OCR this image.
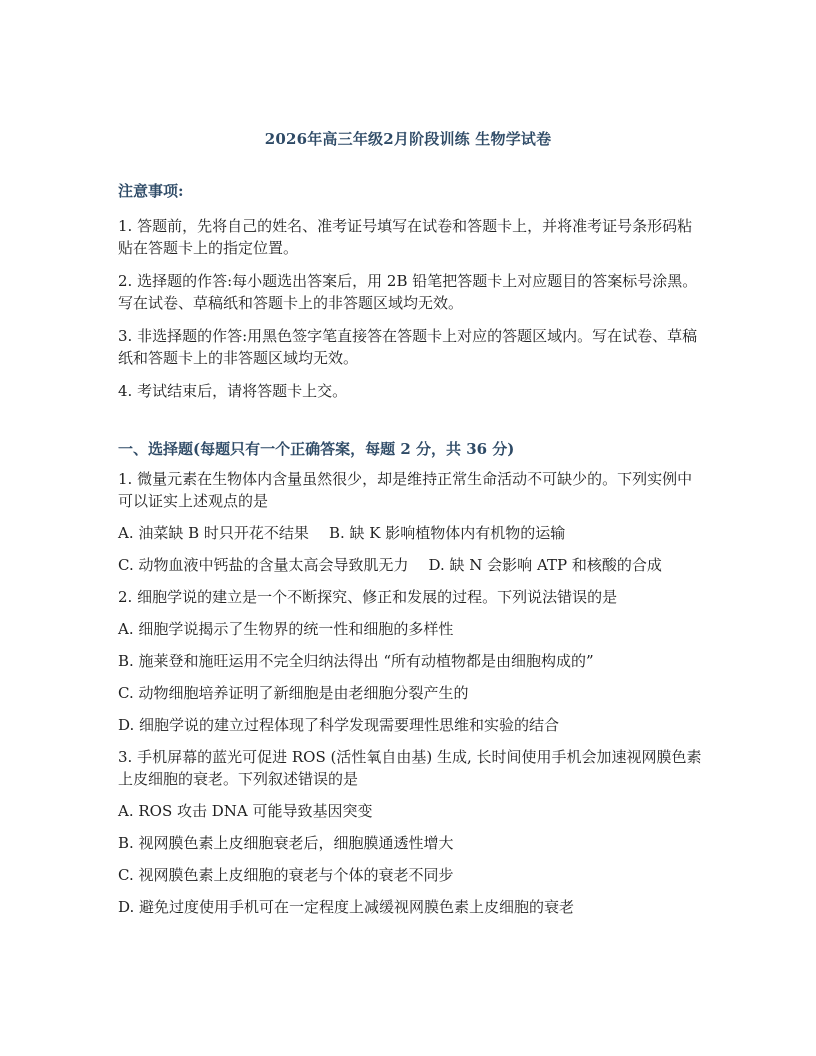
2026年高三年级2月阶段训练 生物学试卷
注意事项:

1. 答题前，先将自己的姓名、准考证号填写在试卷和答题卡上，并将准考证号条形码粘贴在答题卡上的指定位置。

2. 选择题的作答:每小题选出答案后，用 2B 铅笔把答题卡上对应题目的答案标号涂黑。写在试卷、草稿纸和答题卡上的非答题区域均无效。

3. 非选择题的作答:用黑色签字笔直接答在答题卡上对应的答题区域内。写在试卷、草稿纸和答题卡上的非答题区域均无效。

4. 考试结束后，请将答题卡上交。

一、选择题(每题只有一个正确答案，每题 2 分，共 36 分)

1. 微量元素在生物体内含量虽然很少，却是维持正常生命活动不可缺少的。下列实例中可以证实上述观点的是

A. 油菜缺 B 时只开花不结果 B. 缺 K 影响植物体内有机物的运输
C. 动物血液中钙盐的含量太高会导致肌无力 D. 缺 N 会影响 ATP 和核酸的合成

2. 细胞学说的建立是一个不断探究、修正和发展的过程。下列说法错误的是

A. 细胞学说揭示了生物界的统一性和细胞的多样性

B. 施莱登和施旺运用不完全归纳法得出 “所有动植物都是由细胞构成的”

C. 动物细胞培养证明了新细胞是由老细胞分裂产生的

D. 细胞学说的建立过程体现了科学发现需要理性思维和实验的结合

3. 手机屏幕的蓝光可促进 ROS (活性氧自由基) 生成, 长时间使用手机会加速视网膜色素上皮细胞的衰老。下列叙述错误的是

A. ROS 攻击 DNA 可能导致基因突变

B. 视网膜色素上皮细胞衰老后，细胞膜通透性增大

C. 视网膜色素上皮细胞的衰老与个体的衰老不同步

D. 避免过度使用手机可在一定程度上减缓视网膜色素上皮细胞的衰老
